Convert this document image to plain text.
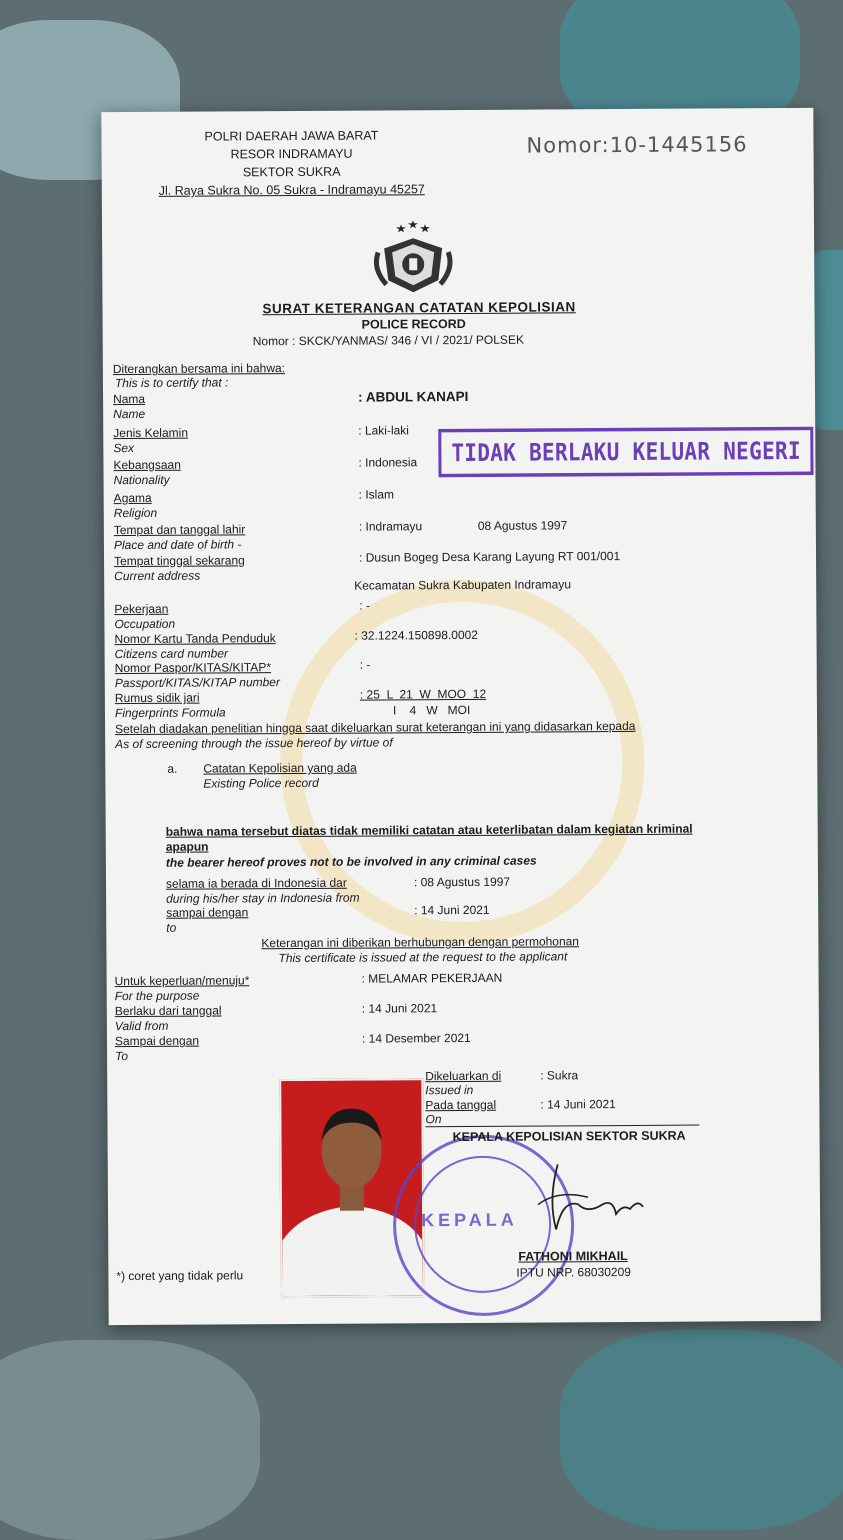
POLRI DAERAH JAWA BARAT
RESOR INDRAMAYU
SEKTOR SUKRA
Jl. Raya Sukra No. 05 Sukra - Indramayu 45257
Nomor:10-1445156
SURAT KETERANGAN CATATAN KEPOLISIAN
POLICE RECORD
Nomor : SKCK/YANMAS/ 346 / VI / 2021/ POLSEK
Diterangkan bersama ini bahwa:
This is to certify that :
Nama
Name
: ABDUL KANAPI
Jenis Kelamin
Sex
: Laki-laki
Kebangsaan
Nationality
: Indonesia	TIDAK BERLAKU KELUAR NEGERI
Agama
Religion
: Islam
Tempat dan tanggal lahir
Place and date of birth -
: Indramayu	08 Agustus 1997
Tempat tinggal sekarang
Current address
: Dusun Bogeg Desa Karang Layung RT 001/001
Kecamatan Sukra Kabupaten Indramayu
Pekerjaan
Occupation
: -
Nomor Kartu Tanda Penduduk
Citizens card number
: 32.1224.150898.0002
Nomor Paspor/KITAS/KITAP*
Passport/KITAS/KITAP number
: -
Rumus sidik jari
Fingerprints Formula
: 25  L  21  W  MOO  12
I    4   W   MOI
Setelah diadakan penelitian hingga saat dikeluarkan surat keterangan ini yang didasarkan kepada
As of screening through the issue hereof by virtue of
a. Catatan Kepolisian yang ada
Existing Police record
bahwa nama tersebut diatas tidak memiliki catatan atau keterlibatan dalam kegiatan kriminal
apapun
the bearer hereof proves not to be involved in any criminal cases
selama ia berada di Indonesia dar
during his/her stay in Indonesia from
: 08 Agustus 1997
sampai dengan
to
: 14 Juni 2021
Keterangan ini diberikan berhubungan dengan permohonan
This certificate is issued at the request to the applicant
Untuk keperluan/menuju*
For the purpose
: MELAMAR PEKERJAAN
Berlaku dari tanggal
Valid from
: 14 Juni 2021
Sampai dengan
To
: 14 Desember 2021
Dikeluarkan di
Issued in
: Sukra
Pada tanggal
On
: 14 Juni 2021
KEPALA
KEPALA KEPOLISIAN SEKTOR SUKRA
FATHONI MIKHAIL
IPTU NRP. 68030209
*) coret yang tidak perlu
